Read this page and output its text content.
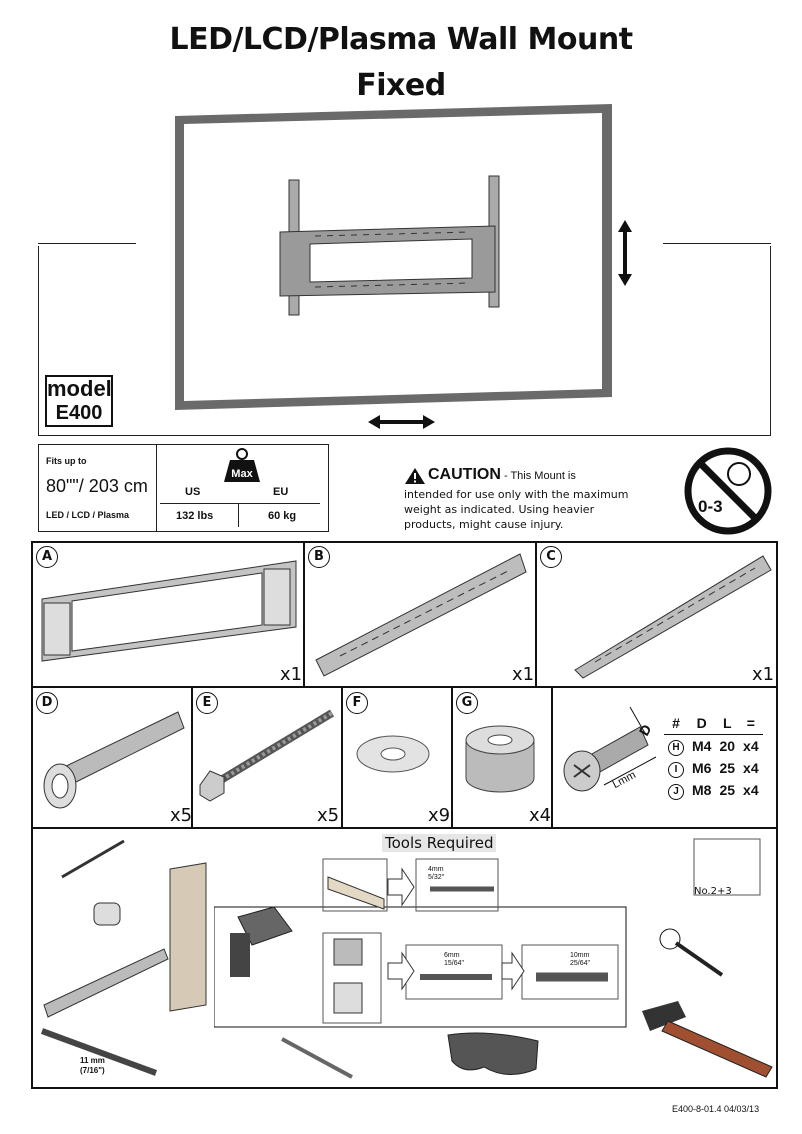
LED/LCD/Plasma Wall Mount
Fixed
model
E400
Fits up to
80""/ 203 cm
LED / LCD / Plasma
Max
US	EU
132 lbs	60 kg
CAUTION - This Mount is
intended for use only with the maximum
weight as indicated. Using heavier
products, might cause injury.
0-3
A	B	C
x1	x1	x1
D	E	F	G
x5	x5	x9	x4
D
Lmm
#	D	L	=
H	M4	20	x4
I	M6	25	x4
J	M8	25	x4
Tools Required
4mm
5/32"
6mm
15/64"
10mm
25/64"
No.2+3
11 mm
(7/16")
E400-8-01.4 04/03/13
